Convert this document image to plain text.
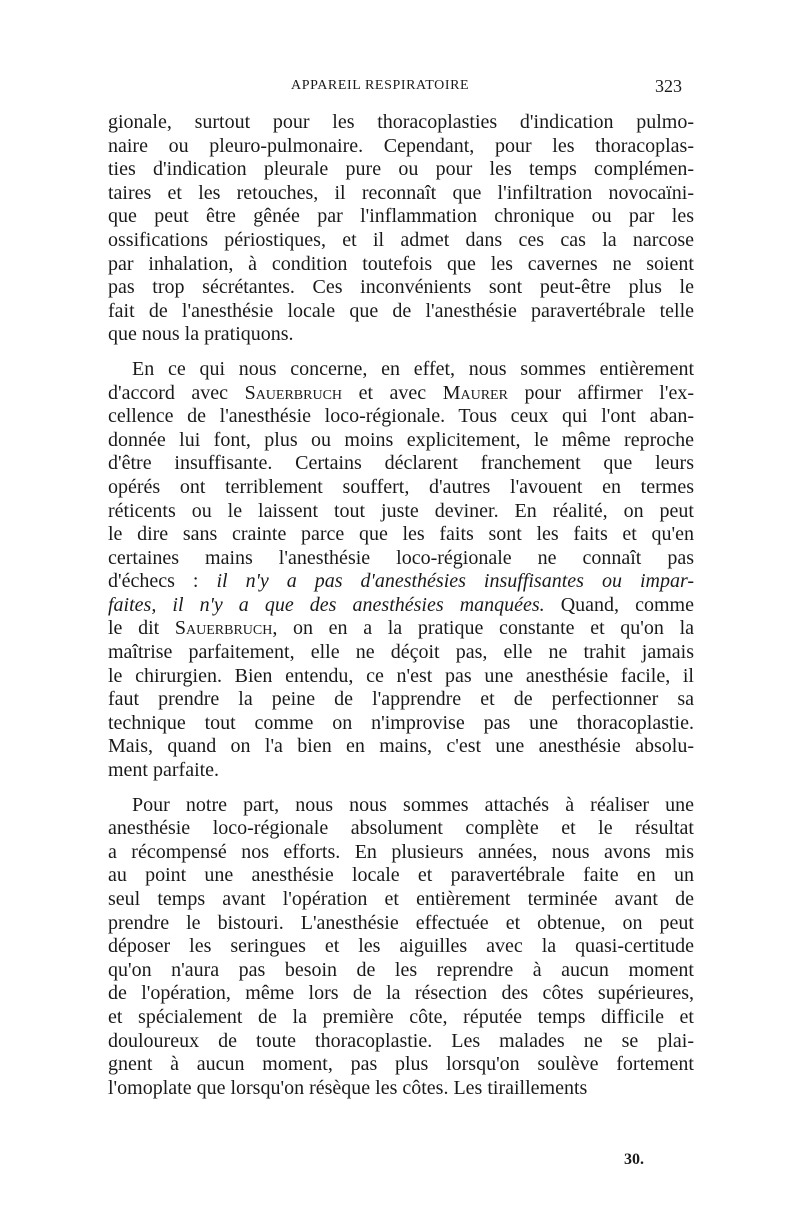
APPAREIL RESPIRATOIRE	323
gionale, surtout pour les thoracoplasties d'indication pulmo-
naire ou pleuro-pulmonaire. Cependant, pour les thoracoplas-
ties d'indication pleurale pure ou pour les temps complémen-
taires et les retouches, il reconnaît que l'infiltration novocaïni-
que peut être gênée par l'inflammation chronique ou par les
ossifications périostiques, et il admet dans ces cas la narcose
par inhalation, à condition toutefois que les cavernes ne soient
pas trop sécrétantes. Ces inconvénients sont peut-être plus le
fait de l'anesthésie locale que de l'anesthésie paravertébrale telle
que nous la pratiquons.
En ce qui nous concerne, en effet, nous sommes entièrement
d'accord avec Sauerbruch et avec Maurer pour affirmer l'ex-
cellence de l'anesthésie loco-régionale. Tous ceux qui l'ont aban-
donnée lui font, plus ou moins explicitement, le même reproche
d'être insuffisante. Certains déclarent franchement que leurs
opérés ont terriblement souffert, d'autres l'avouent en termes
réticents ou le laissent tout juste deviner. En réalité, on peut
le dire sans crainte parce que les faits sont les faits et qu'en
certaines mains l'anesthésie loco-régionale ne connaît pas
d'échecs : il n'y a pas d'anesthésies insuffisantes ou impar-
faites, il n'y a que des anesthésies manquées. Quand, comme
le dit Sauerbruch, on en a la pratique constante et qu'on la
maîtrise parfaitement, elle ne déçoit pas, elle ne trahit jamais
le chirurgien. Bien entendu, ce n'est pas une anesthésie facile, il
faut prendre la peine de l'apprendre et de perfectionner sa
technique tout comme on n'improvise pas une thoracoplastie.
Mais, quand on l'a bien en mains, c'est une anesthésie absolu-
ment parfaite.
Pour notre part, nous nous sommes attachés à réaliser une
anesthésie loco-régionale absolument complète et le résultat
a récompensé nos efforts. En plusieurs années, nous avons mis
au point une anesthésie locale et paravertébrale faite en un
seul temps avant l'opération et entièrement terminée avant de
prendre le bistouri. L'anesthésie effectuée et obtenue, on peut
déposer les seringues et les aiguilles avec la quasi-certitude
qu'on n'aura pas besoin de les reprendre à aucun moment
de l'opération, même lors de la résection des côtes supérieures,
et spécialement de la première côte, réputée temps difficile et
douloureux de toute thoracoplastie. Les malades ne se plai-
gnent à aucun moment, pas plus lorsqu'on soulève fortement
l'omoplate que lorsqu'on résèque les côtes. Les tiraillements
30.
